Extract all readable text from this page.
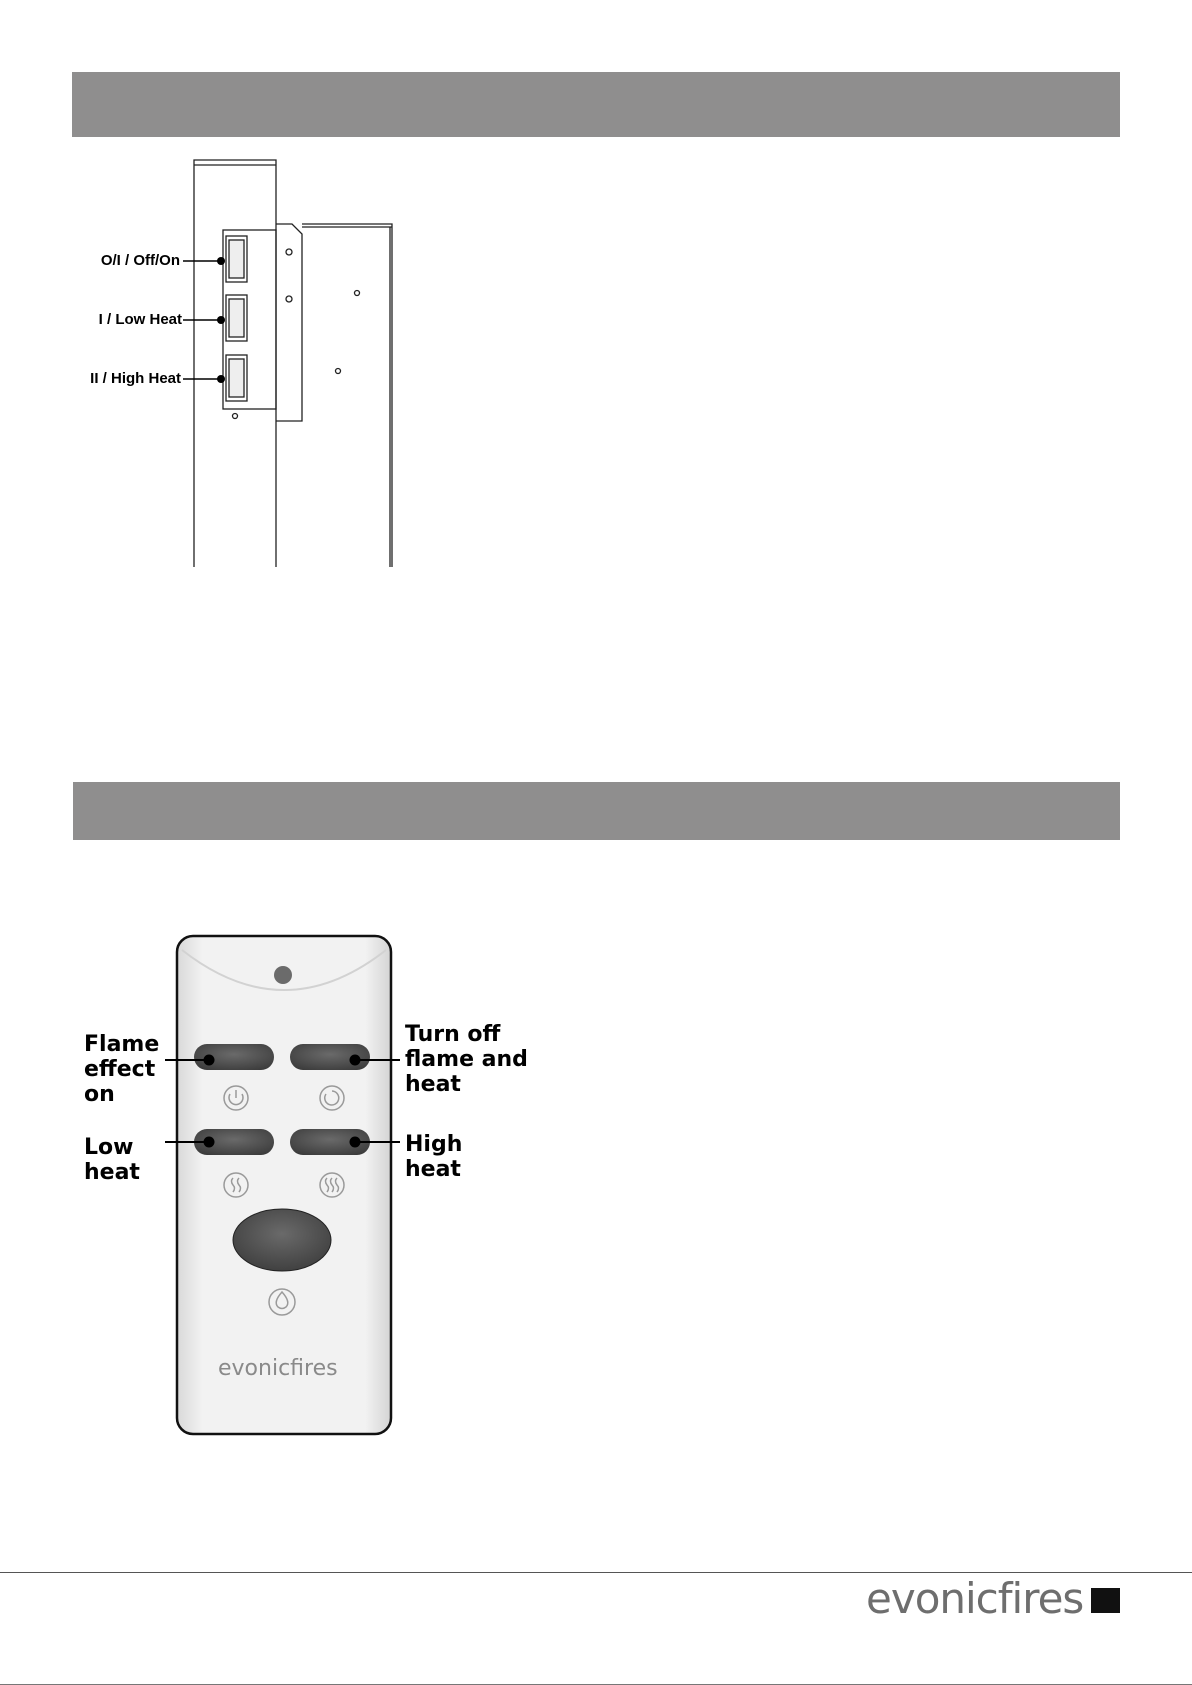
O/I / Off/On
I / Low Heat
II / High Heat
Flame
effect
on
Turn off
flame and
heat
Low
heat
High
heat
evonicfires
evonicfires
